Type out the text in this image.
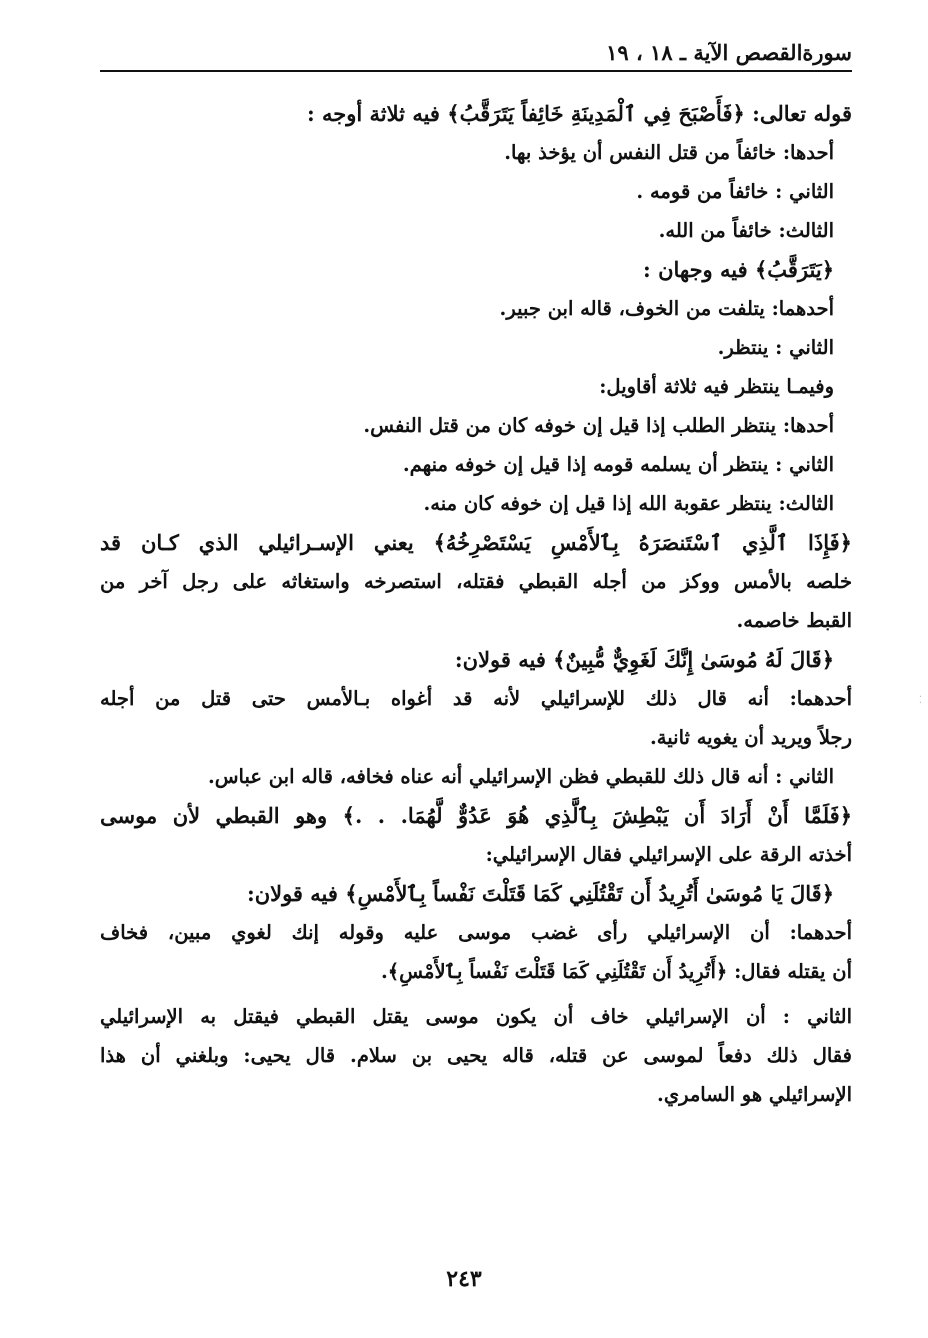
سورةالقصص الآية ـ ١٨ ، ١٩
قوله تعالى: ﴿فَأَصْبَحَ فِي ٱلْمَدِينَةِ خَائِفاً يَتَرَقَّبُ﴾ فيه ثلاثة أوجه :
أحدها: خائفاً من قتل النفس أن يؤخذ بها.
الثاني : خائفاً من قومه .
الثالث: خائفاً من الله.
﴿يَتَرَقَّبُ﴾ فيه وجهان :
أحدهما: يتلفت من الخوف، قاله ابن جبير.
الثاني : ينتظر.
وفيمـا ينتظر فيه ثلاثة أقاويل:
أحدها: ينتظر الطلب إذا قيل إن خوفه كان من قتل النفس.
الثاني : ينتظر أن يسلمه قومه إذا قيل إن خوفه منهم.
الثالث: ينتظر عقوبة الله إذا قيل إن خوفه كان منه.
﴿فَإِذَا ٱلَّذِي ٱسْتَنصَرَهُ بِٱلأَمْسِ يَسْتَصْرِخُهُ﴾ يعني الإسـرائيلي الذي كـان قد
خلصه بالأمس ووكز من أجله القبطي فقتله، استصرخه واستغاثه على رجل آخر من
القبط خاصمه.
﴿قَالَ لَهُ مُوسَىٰ إِنَّكَ لَغَوِيٌّ مُّبِينٌ﴾ فيه قولان:
أحدهما: أنه قال ذلك للإسرائيلي لأنه قد أغواه بـالأمس حتى قتل من أجله
رجلاً ويريد أن يغويه ثانية.
الثاني : أنه قال ذلك للقبطي فظن الإسرائيلي أنه عناه فخافه، قاله ابن عباس.
﴿فَلَمَّا أَنْ أَرَادَ أَن يَبْطِشَ بِٱلَّذِي هُوَ عَدُوٌّ لَّهُمَا. . .﴾ وهو القبطي لأن موسى
أخذته الرقة على الإسرائيلي فقال الإسرائيلي:
﴿قَالَ يَا مُوسَىٰ أَتُرِيدُ أَن تَقْتُلَنِي كَمَا قَتَلْتَ نَفْساً بِٱلأَمْسِ﴾ فيه قولان:
أحدهما: أن الإسرائيلي رأى غضب موسى عليه وقوله إنك لغوي مبين، فخاف
أن يقتله فقال: ﴿أَتُرِيدُ أَن تَقْتُلَنِي كَمَا قَتَلْتَ نَفْساً بِٱلأَمْسِ﴾.
الثاني : أن الإسرائيلي خاف أن يكون موسى يقتل القبطي فيقتل به الإسرائيلي
فقال ذلك دفعاً لموسى عن قتله، قاله يحيى بن سلام. قال يحيى: وبلغني أن هذا
الإسرائيلي هو السامري.
٢٤٣
⁚
